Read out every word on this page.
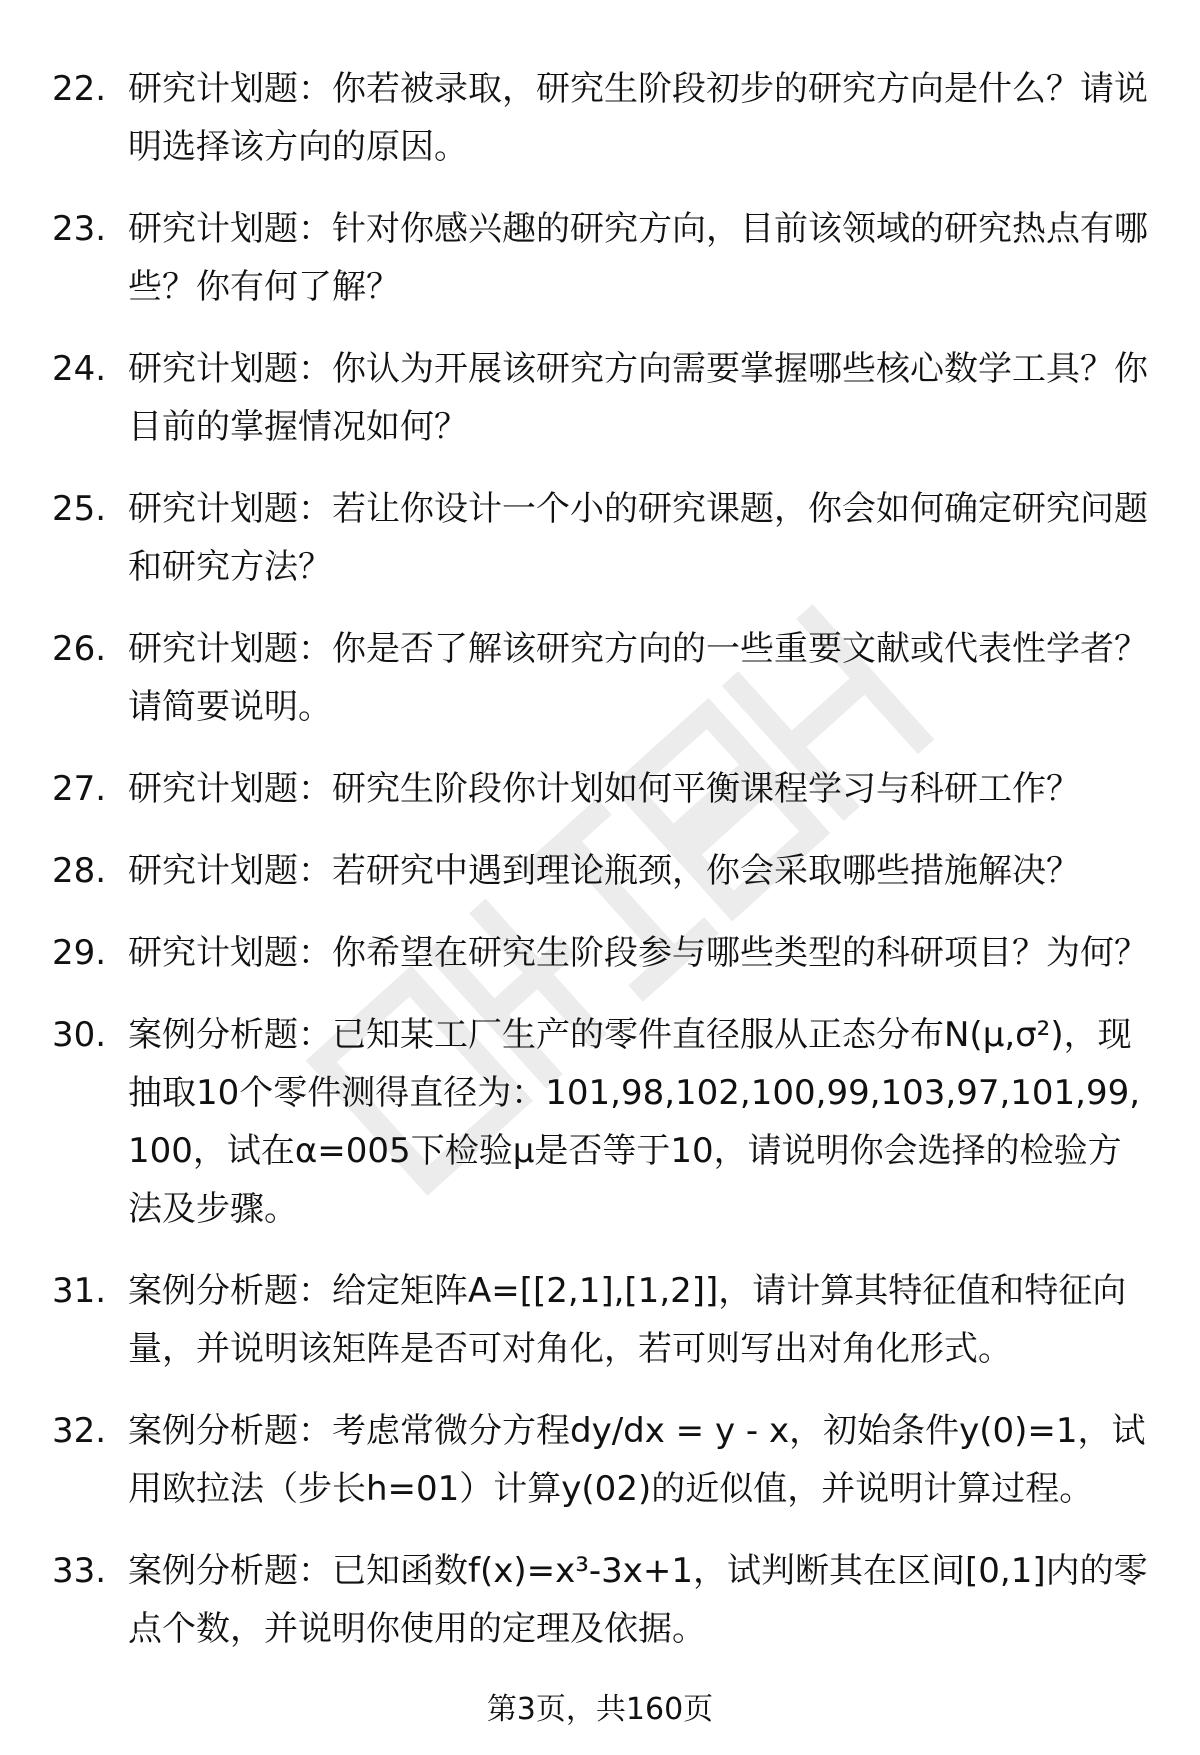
22. 研究计划题：你若被录取，研究生阶段初步的研究方向是什么？请说明选择该方向的原因。
23. 研究计划题：针对你感兴趣的研究方向，目前该领域的研究热点有哪些？你有何了解？
24. 研究计划题：你认为开展该研究方向需要掌握哪些核心数学工具？你目前的掌握情况如何？
25. 研究计划题：若让你设计一个小的研究课题，你会如何确定研究问题和研究方法？
26. 研究计划题：你是否了解该研究方向的一些重要文献或代表性学者？请简要说明。
27. 研究计划题：研究生阶段你计划如何平衡课程学习与科研工作？
28. 研究计划题：若研究中遇到理论瓶颈，你会采取哪些措施解决？
29. 研究计划题：你希望在研究生阶段参与哪些类型的科研项目？为何？
30. 案例分析题：已知某工厂生产的零件直径服从正态分布N(μ,σ²)，现抽取10个零件测得直径为：101,98,102,100,99,103,97,101,99,100，试在α=005下检验μ是否等于10，请说明你会选择的检验方法及步骤。
31. 案例分析题：给定矩阵A=[[2,1],[1,2]]，请计算其特征值和特征向量，并说明该矩阵是否可对角化，若可则写出对角化形式。
32. 案例分析题：考虑常微分方程dy/dx = y - x，初始条件y(0)=1，试用欧拉法（步长h=01）计算y(02)的近似值，并说明计算过程。
33. 案例分析题：已知函数f(x)=x³-3x+1，试判断其在区间[0,1]内的零点个数，并说明你使用的定理及依据。
第3页，共160页
